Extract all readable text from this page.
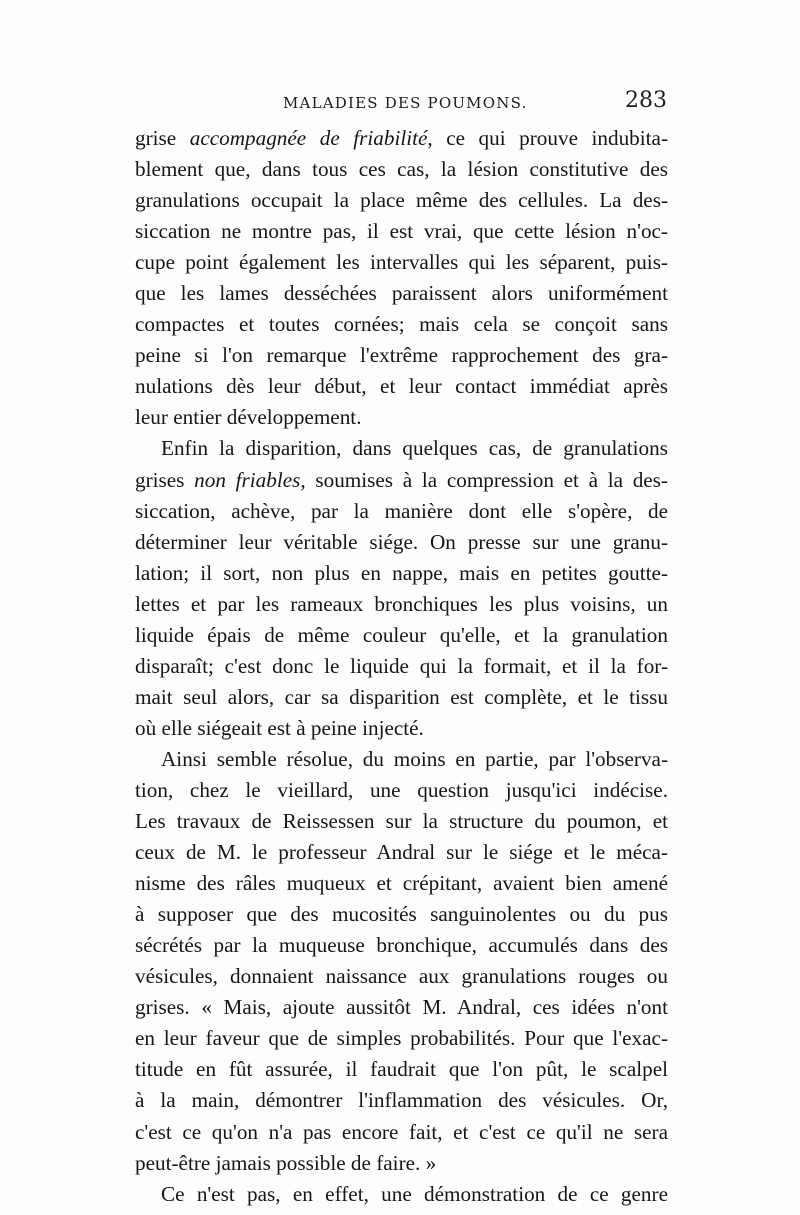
MALADIES DES POUMONS.	283
grise accompagnée de friabilité, ce qui prouve indubita-
blement que, dans tous ces cas, la lésion constitutive des
granulations occupait la place même des cellules. La des-
siccation ne montre pas, il est vrai, que cette lésion n'oc-
cupe point également les intervalles qui les séparent, puis-
que les lames desséchées paraissent alors uniformément
compactes et toutes cornées; mais cela se conçoit sans
peine si l'on remarque l'extrême rapprochement des gra-
nulations dès leur début, et leur contact immédiat après
leur entier développement.
Enfin la disparition, dans quelques cas, de granulations
grises non friables, soumises à la compression et à la des-
siccation, achève, par la manière dont elle s'opère, de
déterminer leur véritable siége. On presse sur une granu-
lation; il sort, non plus en nappe, mais en petites goutte-
lettes et par les rameaux bronchiques les plus voisins, un
liquide épais de même couleur qu'elle, et la granulation
disparaît; c'est donc le liquide qui la formait, et il la for-
mait seul alors, car sa disparition est complète, et le tissu
où elle siégeait est à peine injecté.
Ainsi semble résolue, du moins en partie, par l'observa-
tion, chez le vieillard, une question jusqu'ici indécise.
Les travaux de Reissessen sur la structure du poumon, et
ceux de M. le professeur Andral sur le siége et le méca-
nisme des râles muqueux et crépitant, avaient bien amené
à supposer que des mucosités sanguinolentes ou du pus
sécrétés par la muqueuse bronchique, accumulés dans des
vésicules, donnaient naissance aux granulations rouges ou
grises. « Mais, ajoute aussitôt M. Andral, ces idées n'ont
en leur faveur que de simples probabilités. Pour que l'exac-
titude en fût assurée, il faudrait que l'on pût, le scalpel
à la main, démontrer l'inflammation des vésicules. Or,
c'est ce qu'on n'a pas encore fait, et c'est ce qu'il ne sera
peut-être jamais possible de faire. »
Ce n'est pas, en effet, une démonstration de ce genre
